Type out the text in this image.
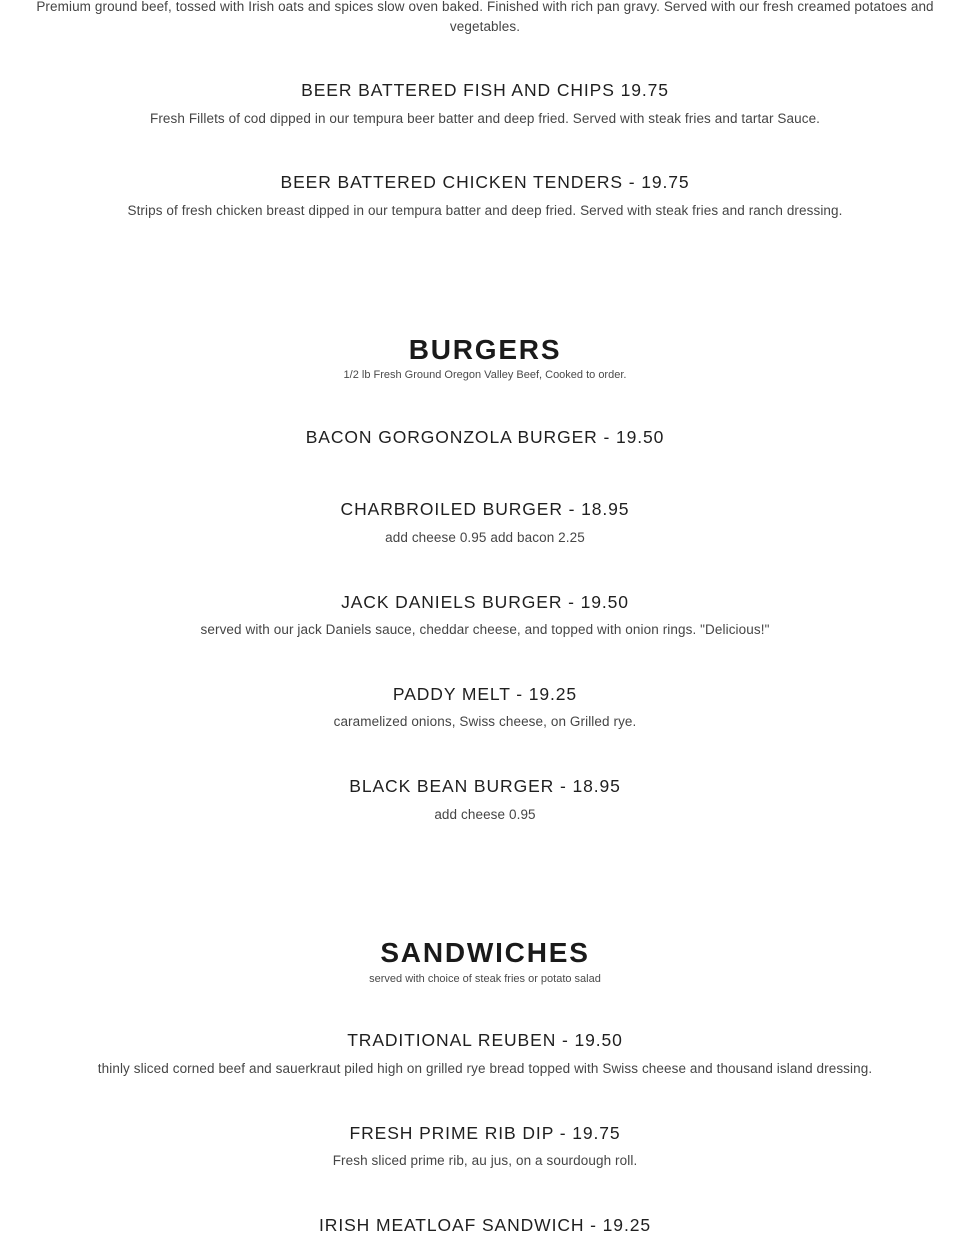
Premium ground beef, tossed with Irish oats and spices slow oven baked. Finished with rich pan gravy. Served with our fresh creamed potatoes and vegetables.
BEER BATTERED FISH AND CHIPS 19.75
Fresh Fillets of cod dipped in our tempura beer batter and deep fried. Served with steak fries and tartar Sauce.
BEER BATTERED CHICKEN TENDERS - 19.75
Strips of fresh chicken breast dipped in our tempura batter and deep fried. Served with steak fries and ranch dressing.
BURGERS
1/2 lb Fresh Ground Oregon Valley Beef, Cooked to order.
BACON GORGONZOLA BURGER - 19.50
CHARBROILED BURGER - 18.95
add cheese 0.95 add bacon 2.25
JACK DANIELS BURGER - 19.50
served with our jack Daniels sauce, cheddar cheese, and topped with onion rings. "Delicious!"
PADDY MELT - 19.25
caramelized onions, Swiss cheese, on Grilled rye.
BLACK BEAN BURGER - 18.95
add cheese 0.95
SANDWICHES
served with choice of steak fries or potato salad
TRADITIONAL REUBEN - 19.50
thinly sliced corned beef and sauerkraut piled high on grilled rye bread topped with Swiss cheese and thousand island dressing.
FRESH PRIME RIB DIP - 19.75
Fresh sliced prime rib, au jus, on a sourdough roll.
IRISH MEATLOAF SANDWICH - 19.25
